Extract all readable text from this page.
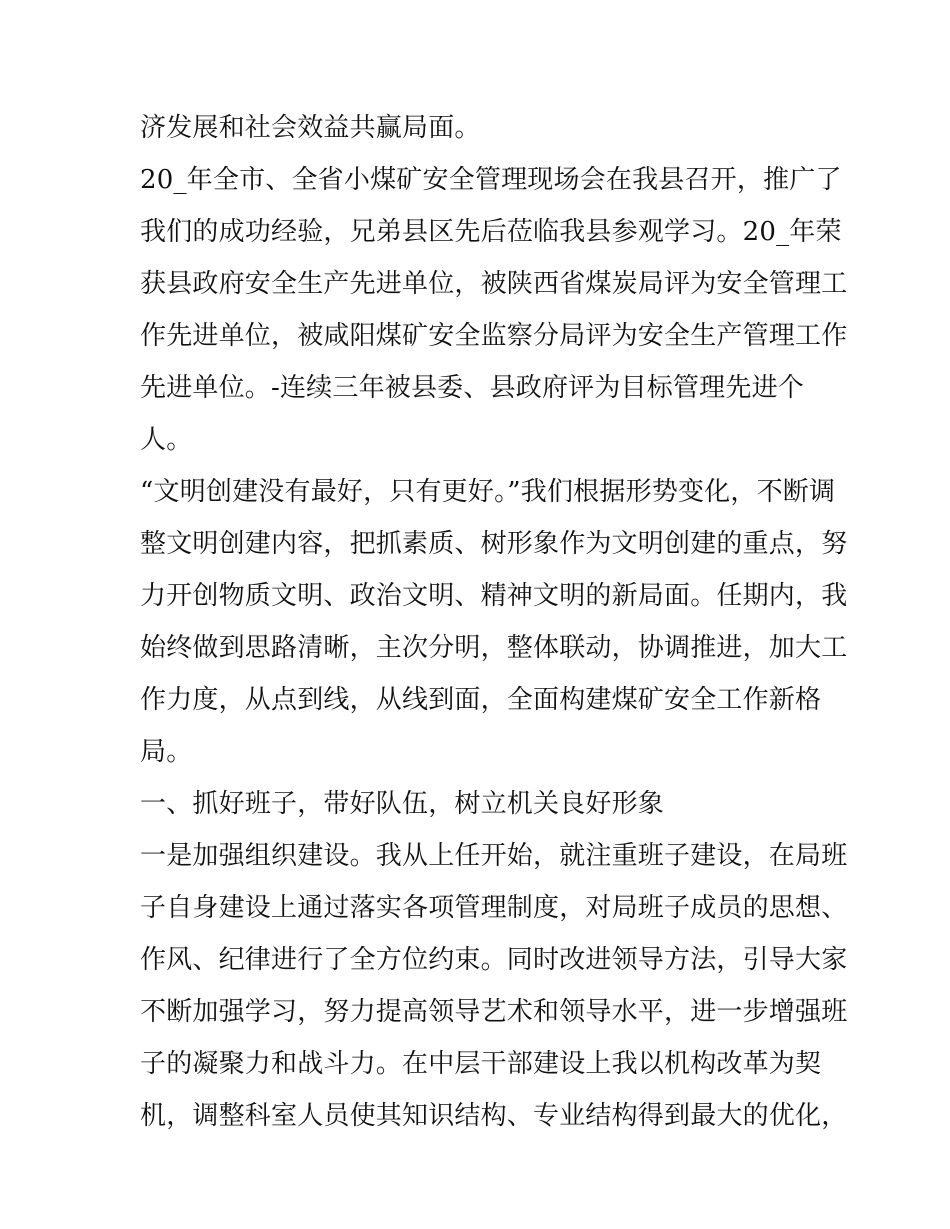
济发展和社会效益共赢局面。
20_年全市、全省小煤矿安全管理现场会在我县召开，推广了
我们的成功经验，兄弟县区先后莅临我县参观学习。20_年荣
获县政府安全生产先进单位，被陕西省煤炭局评为安全管理工
作先进单位，被咸阳煤矿安全监察分局评为安全生产管理工作
先进单位。-连续三年被县委、县政府评为目标管理先进个
人。
“文明创建没有最好，只有更好。”我们根据形势变化，不断调
整文明创建内容，把抓素质、树形象作为文明创建的重点，努
力开创物质文明、政治文明、精神文明的新局面。任期内，我
始终做到思路清晰，主次分明，整体联动，协调推进，加大工
作力度，从点到线，从线到面，全面构建煤矿安全工作新格
局。
一、抓好班子，带好队伍，树立机关良好形象
一是加强组织建设。我从上任开始，就注重班子建设，在局班
子自身建设上通过落实各项管理制度，对局班子成员的思想、
作风、纪律进行了全方位约束。同时改进领导方法，引导大家
不断加强学习，努力提高领导艺术和领导水平，进一步增强班
子的凝聚力和战斗力。在中层干部建设上我以机构改革为契
机，调整科室人员使其知识结构、专业结构得到最大的优化，
